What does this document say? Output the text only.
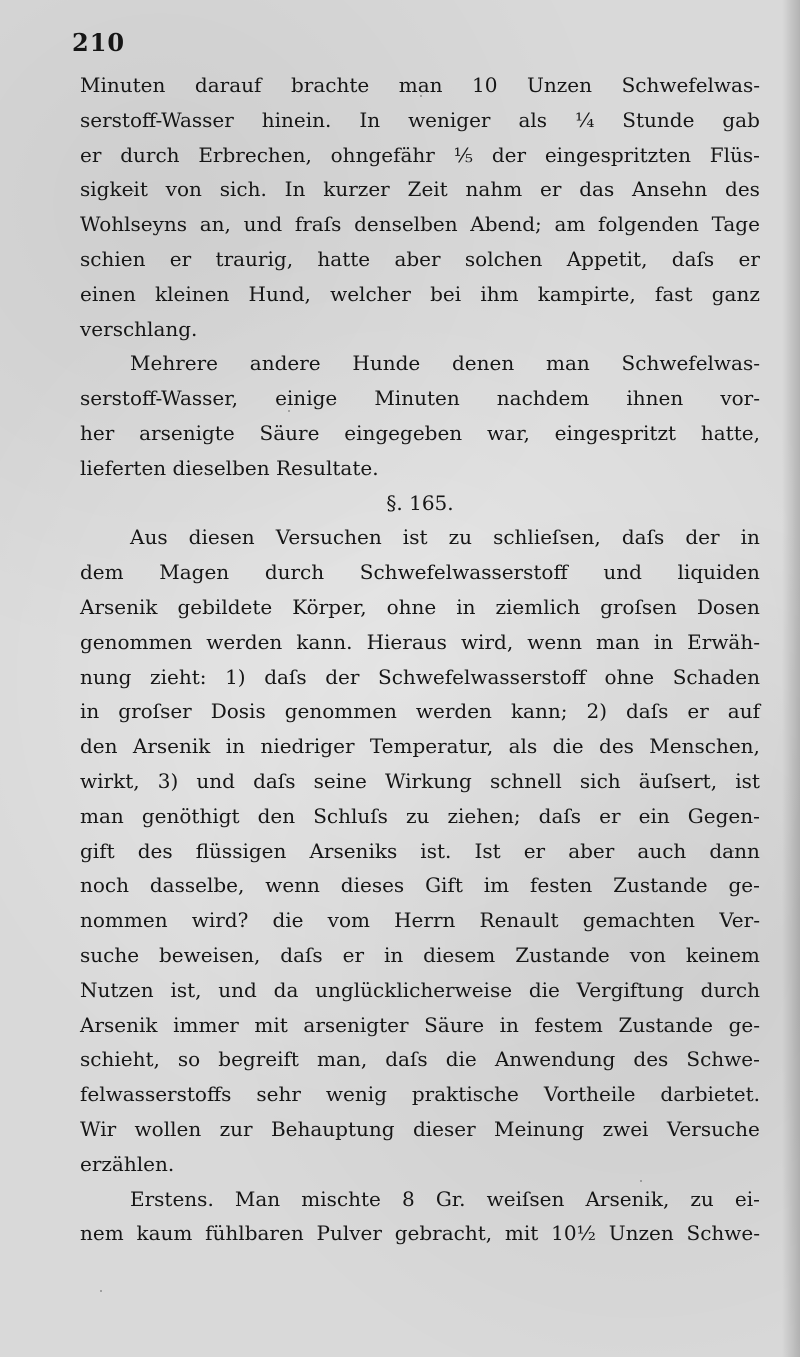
210
Minuten darauf brachte man 10 Unzen Schwefelwas-
serstoff-Wasser hinein. In weniger als ¼ Stunde gab
er durch Erbrechen, ohngefähr ⅕ der eingespritzten Flüs-
sigkeit von sich. In kurzer Zeit nahm er das Ansehn des
Wohlseyns an, und fraſs denselben Abend; am folgenden Tage
schien er traurig, hatte aber solchen Appetit, daſs er
einen kleinen Hund, welcher bei ihm kampirte, fast ganz
verschlang.
Mehrere andere Hunde denen man Schwefelwas-
serstoff-Wasser, einige Minuten nachdem ihnen vor-
her arsenigte Säure eingegeben war, eingespritzt hatte,
lieferten dieselben Resultate.
§. 165.
Aus diesen Versuchen ist zu schlieſsen, daſs der in
dem Magen durch Schwefelwasserstoff und liquiden
Arsenik gebildete Körper, ohne in ziemlich groſsen Dosen
genommen werden kann. Hieraus wird, wenn man in Erwäh-
nung zieht: 1) daſs der Schwefelwasserstoff ohne Schaden
in groſser Dosis genommen werden kann; 2) daſs er auf
den Arsenik in niedriger Temperatur, als die des Menschen,
wirkt, 3) und daſs seine Wirkung schnell sich äuſsert, ist
man genöthigt den Schluſs zu ziehen; daſs er ein Gegen-
gift des flüssigen Arseniks ist. Ist er aber auch dann
noch dasselbe, wenn dieses Gift im festen Zustande ge-
nommen wird? die vom Herrn Renault gemachten Ver-
suche beweisen, daſs er in diesem Zustande von keinem
Nutzen ist, und da unglücklicherweise die Vergiftung durch
Arsenik immer mit arsenigter Säure in festem Zustande ge-
schieht, so begreift man, daſs die Anwendung des Schwe-
felwasserstoffs sehr wenig praktische Vortheile darbietet.
Wir wollen zur Behauptung dieser Meinung zwei Versuche
erzählen.
Erstens. Man mischte 8 Gr. weiſsen Arsenik, zu ei-
nem kaum fühlbaren Pulver gebracht, mit 10½ Unzen Schwe-
